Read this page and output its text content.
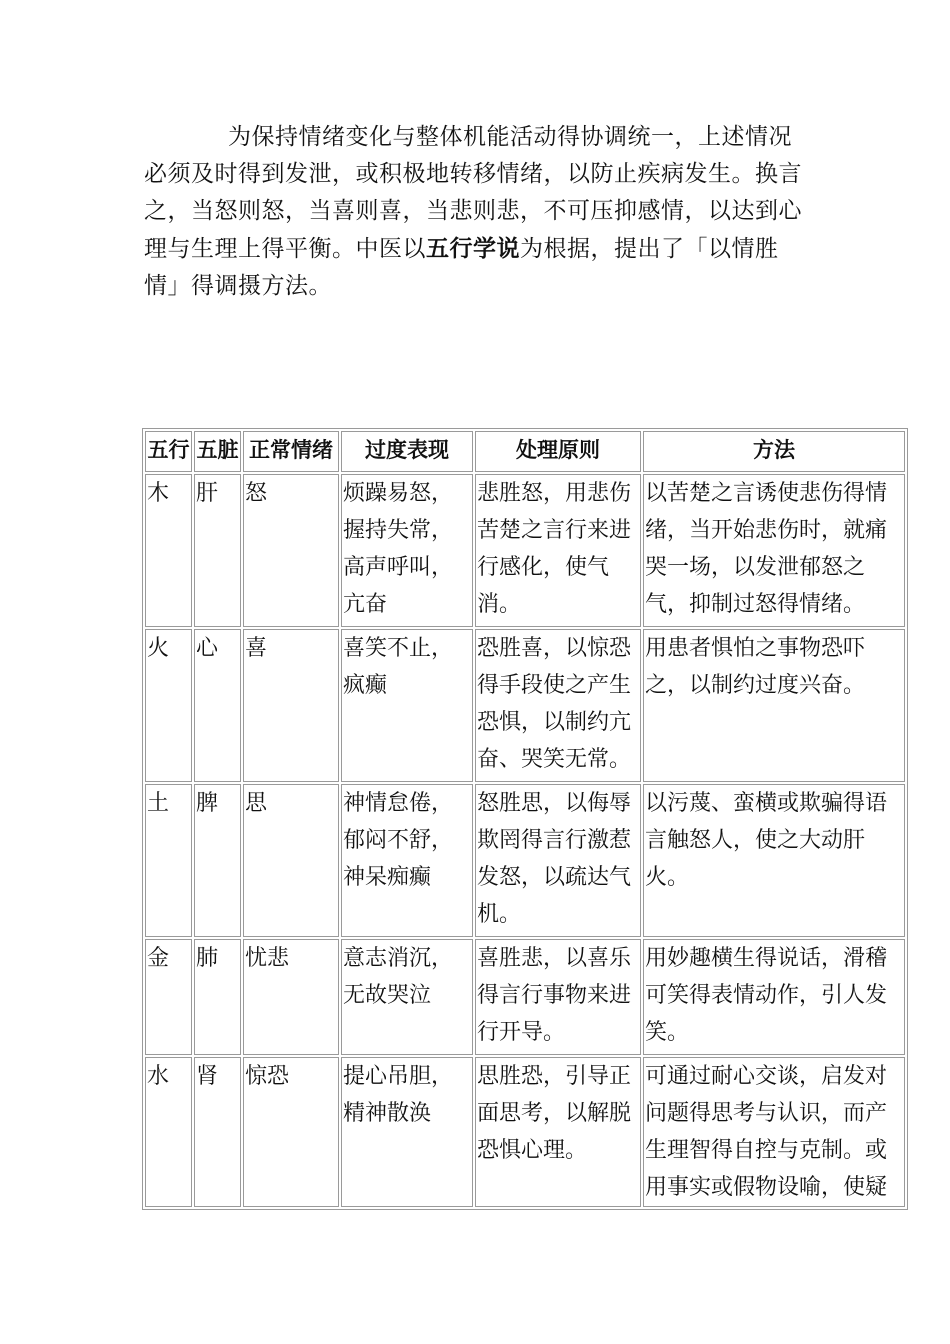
为保持情绪变化与整体机能活动得协调统一，上述情况必须及时得到发泄，或积极地转移情绪，以防止疾病发生。换言之，当怒则怒，当喜则喜，当悲则悲，不可压抑感情，以达到心理与生理上得平衡。中医以五行学说为根据，提出了「以情胜情」得调摄方法。

五行	五脏	正常情绪	过度表现	处理原则	方法
木	肝	怒	烦躁易怒，握持失常，高声呼叫，亢奋	悲胜怒，用悲伤苦楚之言行来进行感化，使气消。	以苦楚之言诱使悲伤得情绪，当开始悲伤时，就痛哭一场，以发泄郁怒之气，抑制过怒得情绪。
火	心	喜	喜笑不止，疯癫	恐胜喜，以惊恐得手段使之产生恐惧，以制约亢奋、哭笑无常。	用患者惧怕之事物恐吓之，以制约过度兴奋。
土	脾	思	神情怠倦，郁闷不舒，神呆痴癫	怒胜思，以侮辱欺罔得言行激惹发怒，以疏达气机。	以污蔑、蛮横或欺骗得语言触怒人，使之大动肝火。
金	肺	忧悲	意志消沉，无故哭泣	喜胜悲，以喜乐得言行事物来进行开导。	用妙趣横生得说话，滑稽可笑得表情动作，引人发笑。
水	肾	惊恐	提心吊胆，精神散涣	思胜恐，引导正面思考，以解脱恐惧心理。	可通过耐心交谈，启发对问题得思考与认识，而产生理智得自控与克制。或用事实或假物设喻，使疑
